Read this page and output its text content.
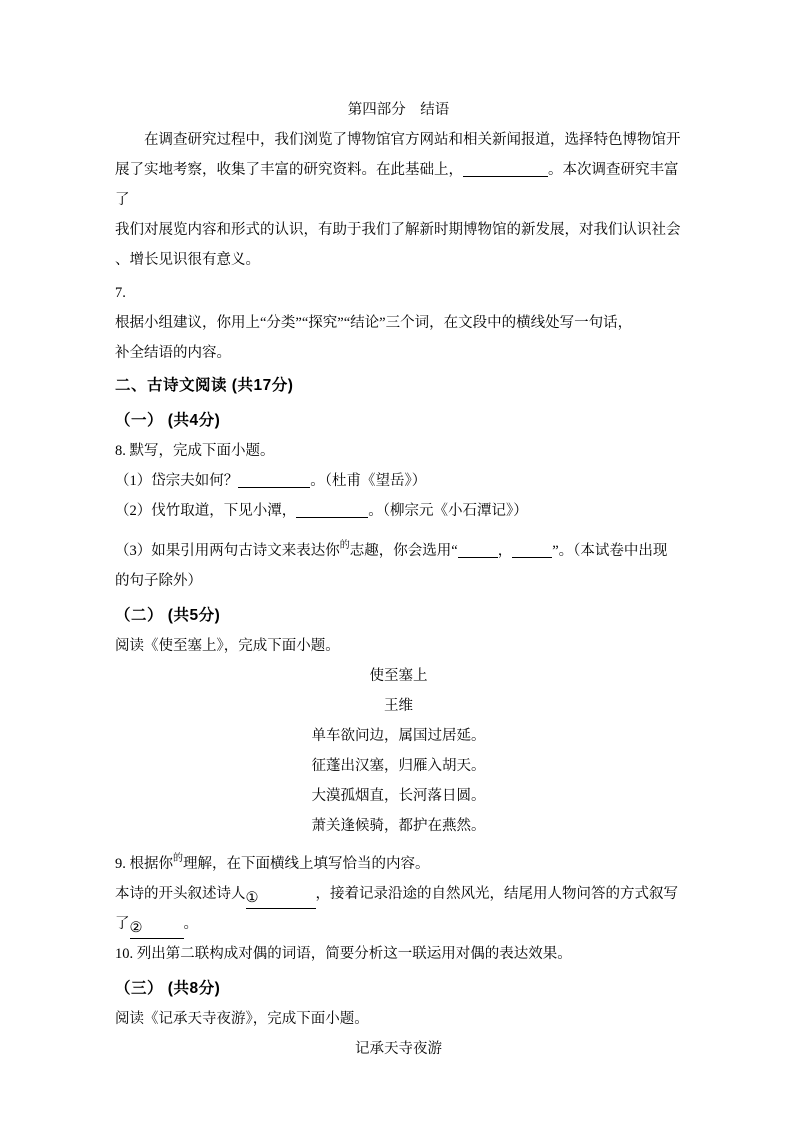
第四部分　结语
在调查研究过程中，我们浏览了博物馆官方网站和相关新闻报道，选择特色博物馆开
展了实地考察，收集了丰富的研究资料。在此基础上，	。本次调查研究丰富了
我们对展览内容和形式的认识，有助于我们了解新时期博物馆的新发展，对我们认识社会
、增长见识很有意义。
7.
根据小组建议，你用上“分类”“探究”“结论”三个词，在文段中的横线处写一句话，
补全结语的内容。
二、古诗文阅读 (共17分)
（一） (共4分)
8. 默写，完成下面小题。
（1）岱宗夫如何？	。（杜甫《望岳》）
（2）伐竹取道，下见小潭，	。（柳宗元《小石潭记》）
（3）如果引用两句古诗文来表达你$^的$志趣，你会选用“	，	”。（本试卷中出现
的句子除外）
（二） (共5分)
阅读《使至塞上》，完成下面小题。
使至塞上
王维
单车欲问边，属国过居延。
征蓬出汉塞，归雁入胡天。
大漠孤烟直，长河落日圆。
萧关逢候骑，都护在燕然。
9. 根据你$^的$理解，在下面横线上填写恰当的内容。
本诗的开头叙述诗人①	，接着记录沿途的自然风光，结尾用人物问答的方式叙写
了②	。
10. 列出第二联构成对偶的词语，简要分析这一联运用对偶的表达效果。
（三） (共8分)
阅读《记承天寺夜游》，完成下面小题。
记承天寺夜游
